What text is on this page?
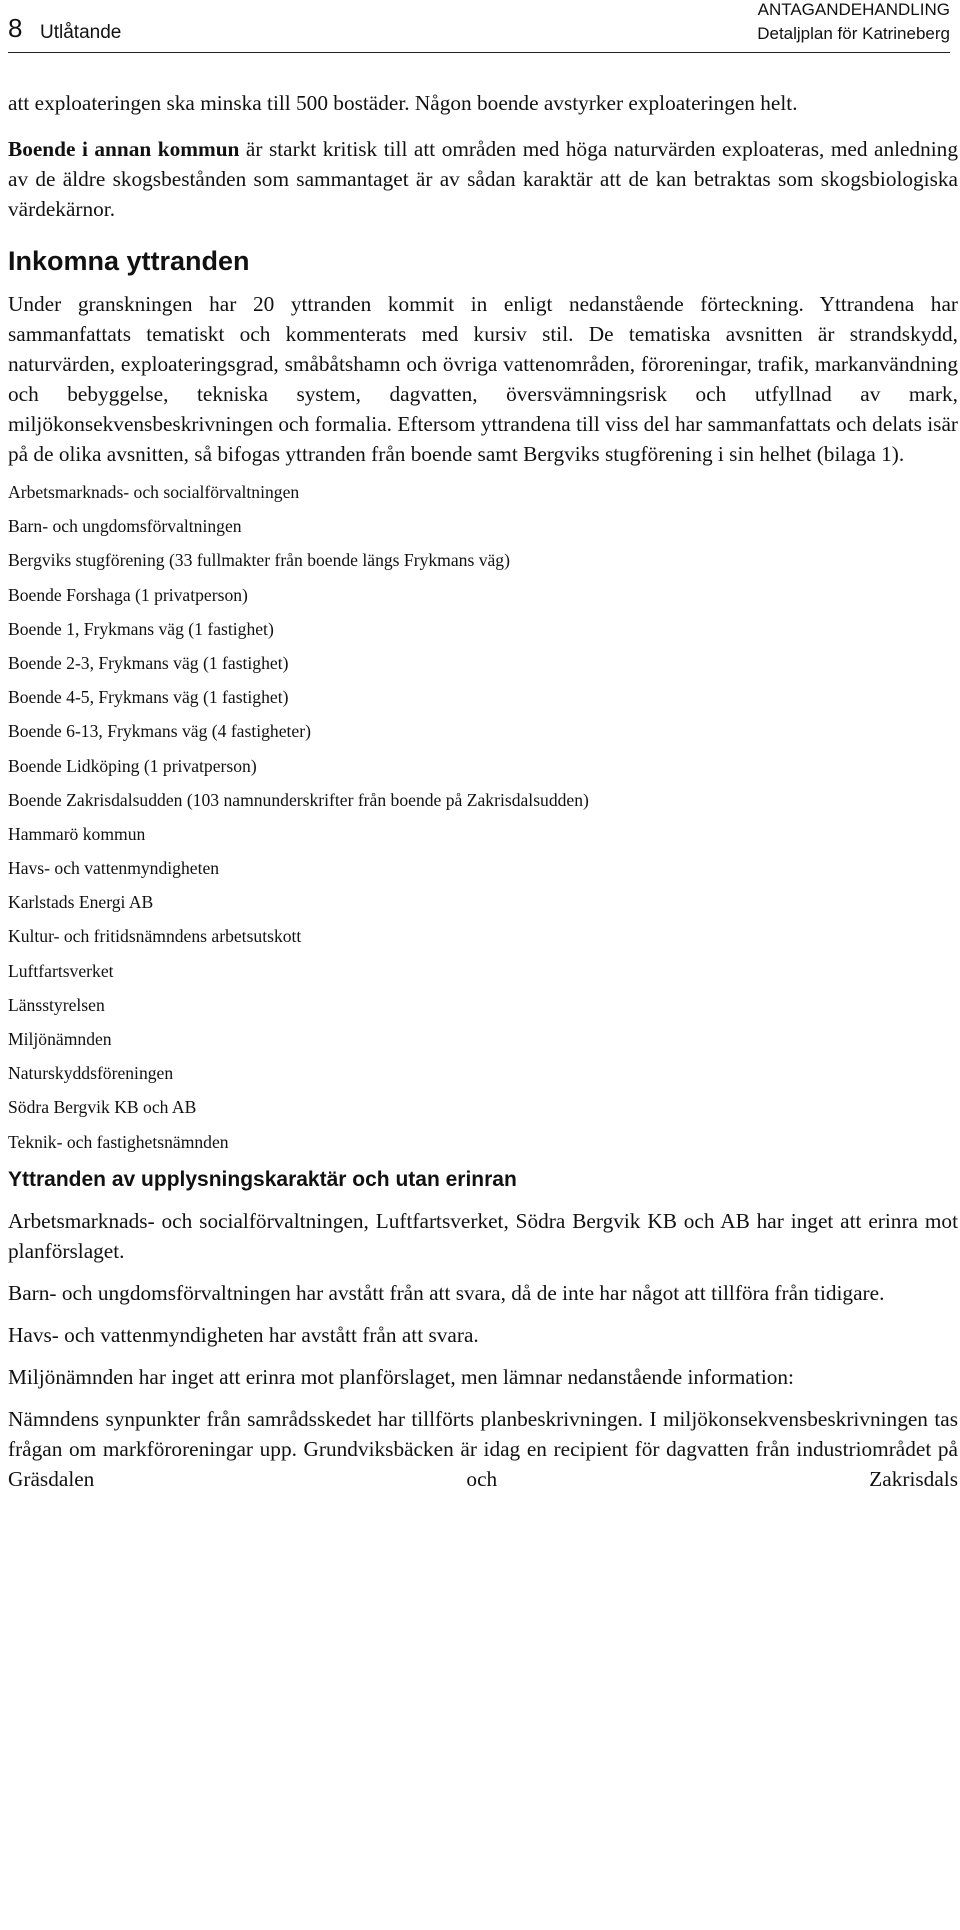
8 Utlåtande
ANTAGANDEHANDLING
Detaljplan för Katrineberg

att exploateringen ska minska till 500 bostäder. Någon boende avstyrker exploateringen helt.

Boende i annan kommun är starkt kritisk till att områden med höga naturvärden exploateras, med anledning av de äldre skogsbestånden som sammantaget är av sådan karaktär att de kan betraktas som skogsbiologiska värdekärnor.

Inkomna yttranden

Under granskningen har 20 yttranden kommit in enligt nedanstående förteckning. Yttrandena har sammanfattats tematiskt och kommenterats med kursiv stil. De tematiska avsnitten är strandskydd, naturvärden, exploateringsgrad, småbåtshamn och övriga vattenområden, föroreningar, trafik, markanvändning och bebyggelse, tekniska system, dagvatten, översvämningsrisk och utfyllnad av mark, miljökonsekvensbeskrivningen och formalia. Eftersom yttrandena till viss del har sammanfattats och delats isär på de olika avsnitten, så bifogas yttranden från boende samt Bergviks stugförening i sin helhet (bilaga 1).

Arbetsmarknads- och socialförvaltningen
Barn- och ungdomsförvaltningen
Bergviks stugförening (33 fullmakter från boende längs Frykmans väg)
Boende Forshaga (1 privatperson)
Boende 1, Frykmans väg (1 fastighet)
Boende 2-3, Frykmans väg (1 fastighet)
Boende 4-5, Frykmans väg (1 fastighet)
Boende 6-13, Frykmans väg (4 fastigheter)
Boende Lidköping (1 privatperson)
Boende Zakrisdalsudden (103 namnunderskrifter från boende på Zakrisdalsudden)
Hammarö kommun
Havs- och vattenmyndigheten
Karlstads Energi AB
Kultur- och fritidsnämndens arbetsutskott
Luftfartsverket
Länsstyrelsen
Miljönämnden
Naturskyddsföreningen
Södra Bergvik KB och AB
Teknik- och fastighetsnämnden
Yttranden av upplysningskaraktär och utan erinran

Arbetsmarknads- och socialförvaltningen, Luftfartsverket, Södra Bergvik KB och AB har inget att erinra mot planförslaget.

Barn- och ungdomsförvaltningen har avstått från att svara, då de inte har något att tillföra från tidigare.

Havs- och vattenmyndigheten har avstått från att svara.

Miljönämnden har inget att erinra mot planförslaget, men lämnar nedanstående information:

Nämndens synpunkter från samrådsskedet har tillförts planbeskrivningen. I miljökonsekvensbeskrivningen tas frågan om markföroreningar upp. Grundviksbäcken är idag en recipient för dagvatten från industriområdet på Gräsdalen och Zakrisdals
